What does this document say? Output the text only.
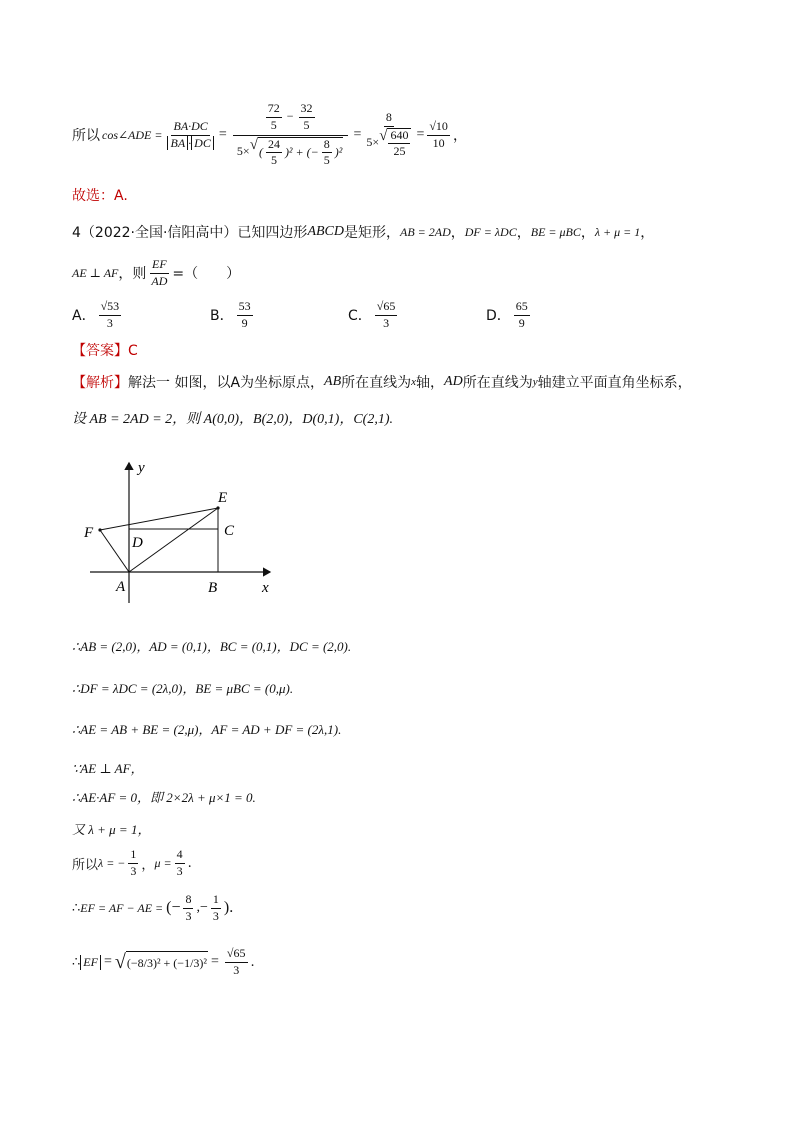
所以 cos∠ADE = $\frac{BA\cdot DC}{BA \cdot DC} = \frac{\frac{72}{5} - \frac{32}{5}}{5\times √ ( \frac{24}{5} )^2 + (- \frac{8}{5} )^2} = \frac{8}{5\times √ \frac{640}{25}} = \frac{√10}{10}$ ，
故选：A.
4（2022·全国·信阳高中）已知四边形 ABCD 是矩形， AB = 2AD ， DF = λDC ， BE = μBC ， λ + μ = 1 ，
AE ⊥ AF ，则 $\frac{EF}{AD}$ =（　　）
A． $\frac{√53}{3}$	B． $\frac{53}{9}$	C． $\frac{√65}{3}$	D． $\frac{65}{9}$
【答案】C
【解析】 解法一 如图，以A为坐标原点， AB 所在直线为 x 轴， AD 所在直线为 y 轴建立平面直角坐标系，
设 AB = 2AD = 2，则 A(0,0)，B(2,0)，D(0,1)，C(2,1).
y
x
E
F
D
C
A	B
∴AB = (2,0)，AD = (0,1)，BC = (0,1)，DC = (2,0).
∴DF = λDC = (2λ,0)，BE = μBC = (0,μ).
∴AE = AB + BE = (2,μ)，AF = AD + DF = (2λ,1).
∵AE ⊥ AF，
∴AE·AF = 0，即 2×2λ + μ×1 = 0.
又 λ + μ = 1，
所以 λ = − $\frac{1}{3}$ ， $\mu = \frac{4}{3}$ .
∴ EF = AF − AE = (− $\frac{8}{3}$ ,− $\frac{1}{3}$ ).
∴ EF = √ $(-8/3)^2 + (-1/3)^2 = \frac{√65}{3}$ .
